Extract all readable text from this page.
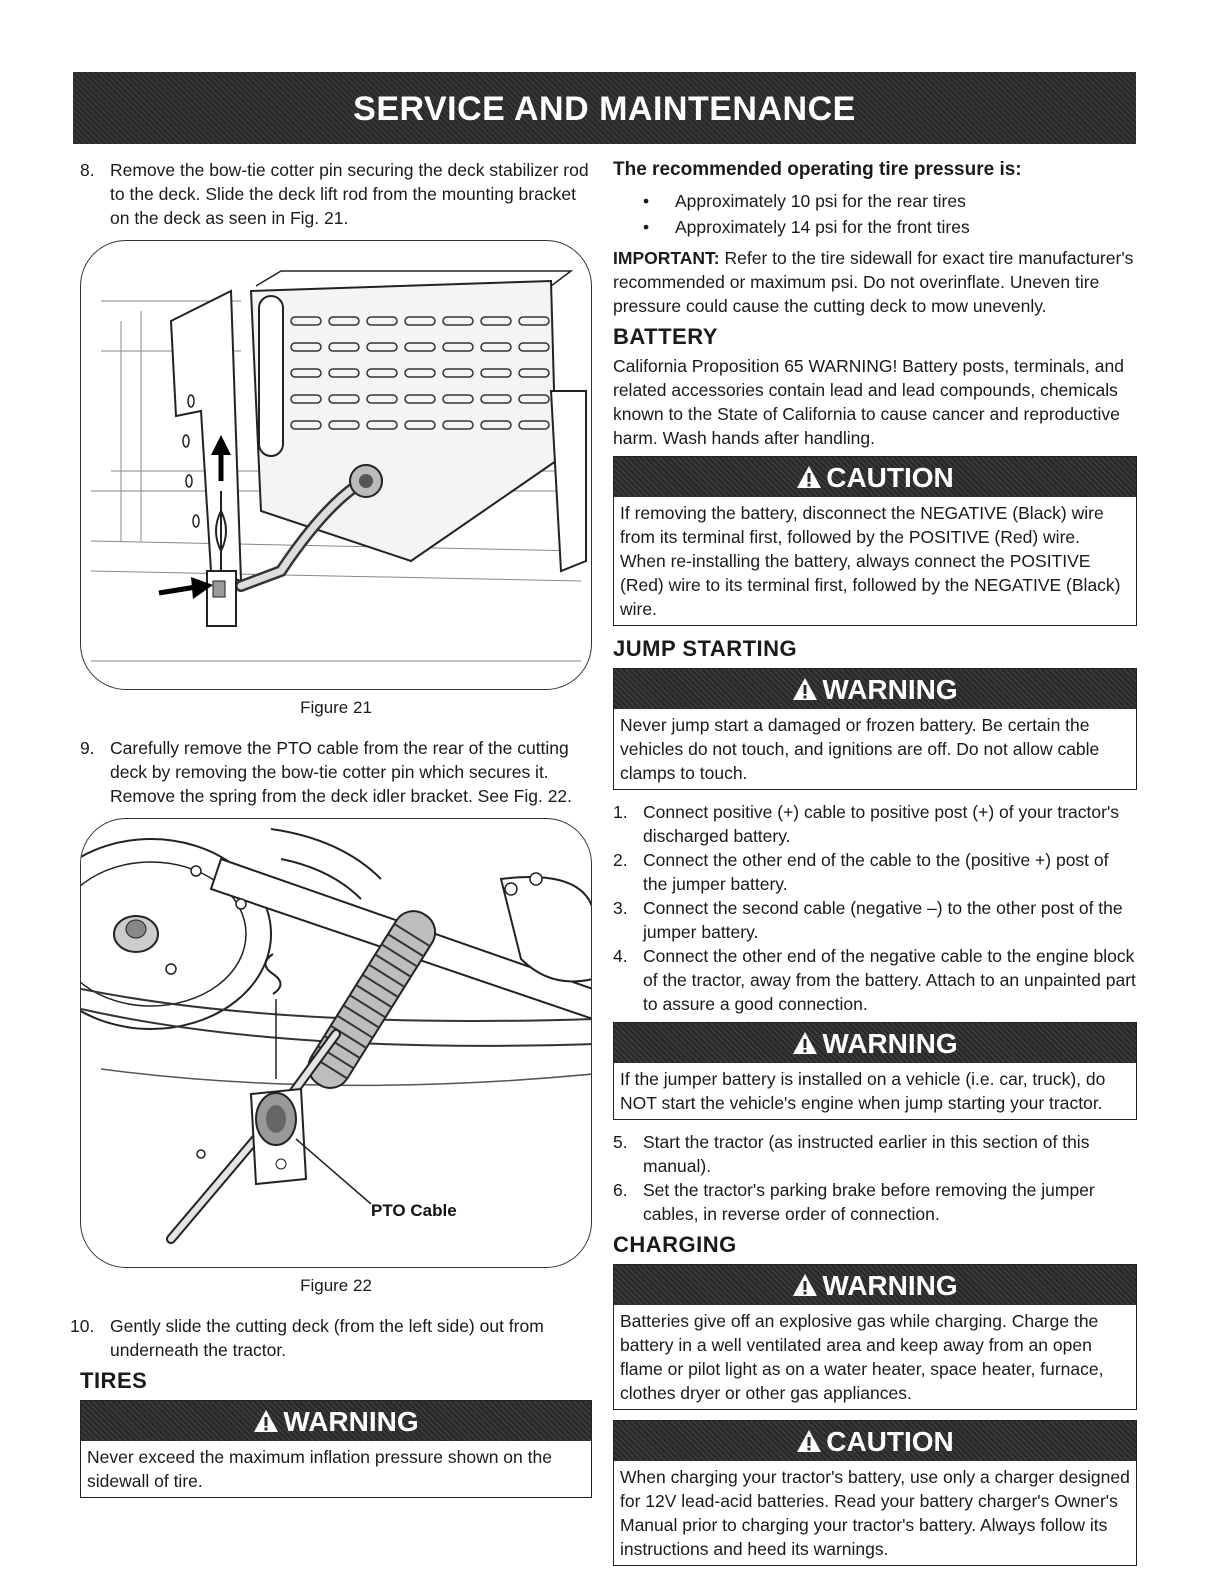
SERVICE AND MAINTENANCE
8. Remove the bow-tie cotter pin securing the deck stabilizer rod to the deck. Slide the deck lift rod from the mounting bracket on the deck as seen in Fig. 21.
Figure 21
9. Carefully remove the PTO cable from the rear of the cutting deck by removing the bow-tie cotter pin which secures it. Remove the spring from the deck idler bracket. See Fig. 22.
PTO Cable
Figure 22
10. Gently slide the cutting deck (from the left side) out from underneath the tractor.
TIRES
WARNING
Never exceed the maximum inflation pressure shown on the sidewall of tire.
The recommended operating tire pressure is:
• Approximately 10 psi for the rear tires
• Approximately 14 psi for the front tires
IMPORTANT: Refer to the tire sidewall for exact tire manufacturer's recommended or maximum psi. Do not overinflate. Uneven tire pressure could cause the cutting deck to mow unevenly.
BATTERY
California Proposition 65 WARNING! Battery posts, terminals, and related accessories contain lead and lead compounds, chemicals known to the State of California to cause cancer and reproductive harm. Wash hands after handling.
CAUTION
If removing the battery, disconnect the NEGATIVE (Black) wire from its terminal first, followed by the POSITIVE (Red) wire. When re-installing the battery, always connect the POSITIVE (Red) wire to its terminal first, followed by the NEGATIVE (Black) wire.
JUMP STARTING
WARNING
Never jump start a damaged or frozen battery. Be certain the vehicles do not touch, and ignitions are off. Do not allow cable clamps to touch.
1. Connect positive (+) cable to positive post (+) of your tractor's discharged battery.
2. Connect the other end of the cable to the (positive +) post of the jumper battery.
3. Connect the second cable (negative –) to the other post of the jumper battery.
4. Connect the other end of the negative cable to the engine block of the tractor, away from the battery. Attach to an unpainted part to assure a good connection.
WARNING
If the jumper battery is installed on a vehicle (i.e. car, truck), do NOT start the vehicle's engine when jump starting your tractor.
5. Start the tractor (as instructed earlier in this section of this manual).
6. Set the tractor's parking brake before removing the jumper cables, in reverse order of connection.
CHARGING
WARNING
Batteries give off an explosive gas while charging. Charge the battery in a well ventilated area and keep away from an open flame or pilot light as on a water heater, space heater, furnace, clothes dryer or other gas appliances.
CAUTION
When charging your tractor's battery, use only a charger designed for 12V lead-acid batteries. Read your battery charger's Owner's Manual prior to charging your tractor's battery. Always follow its instructions and heed its warnings.
